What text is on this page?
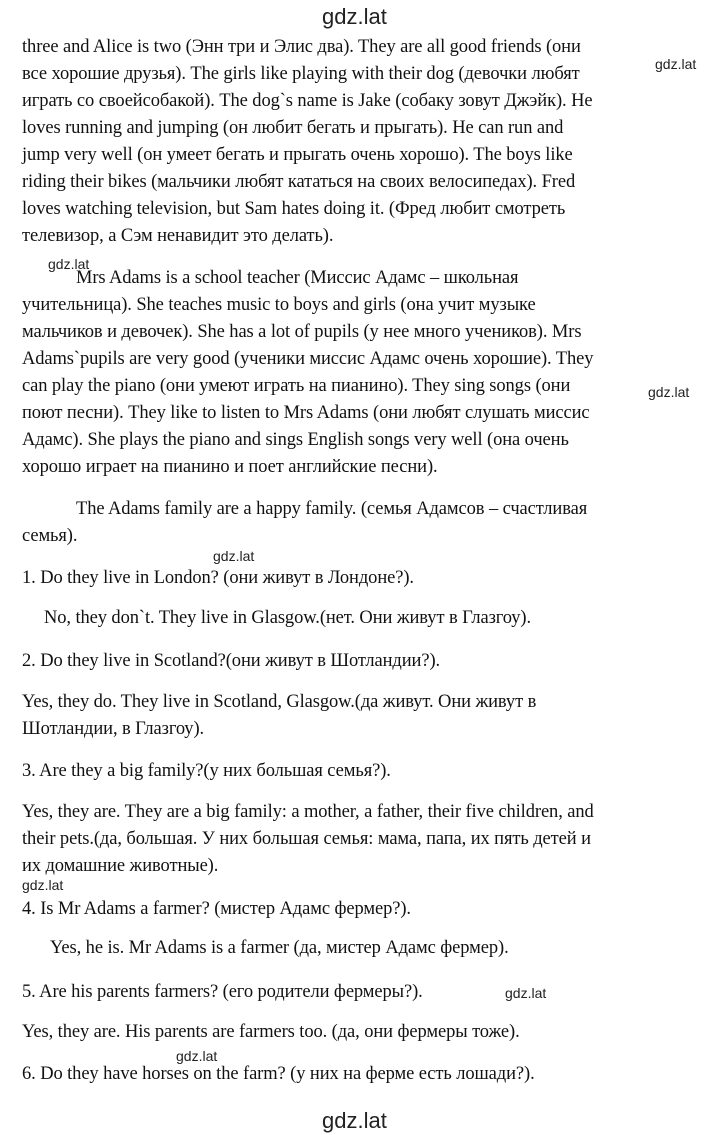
gdz.lat
gdz.lat
gdz.lat
gdz.lat
gdz.lat
gdz.lat
gdz.lat
gdz.lat
gdz.lat
three and Alice is two (Энн три и Элис два). They are all good friends (они
все хорошие друзья). The girls like playing with their dog (девочки любят
играть со своейсобакой). The dog`s name is Jake (собаку зовут Джэйк). He
loves running and jumping (он любит бегать и прыгать). He can run and
jump very well (он умеет бегать и прыгать очень хорошо). The boys like
riding their bikes (мальчики любят кататься на своих велосипедах). Fred
loves watching television, but Sam hates doing it. (Фред любит смотреть
телевизор, а Сэм ненавидит это делать).
Mrs Adams is a school teacher (Миссис Адамс – школьная
учительница). She teaches music to boys and girls (она учит музыке
мальчиков и девочек). She has a lot of pupils (у нее много учеников). Mrs
Adams`pupils are very good (ученики миссис Адамс очень хорошие). They
can play the piano (они умеют играть на пианино). They sing songs (они
поют песни). They like to listen to Mrs Adams (они любят слушать миссис
Адамс). She plays the piano and sings English songs very well (она очень
хорошо играет на пианино и поет английские песни).
The Adams family are a happy family. (семья Адамсов – счастливая
семья).
1. Do they live in London? (они живут в Лондоне?).
No, they don`t. They live in Glasgow.(нет. Они живут в Глазгоу).
2. Do they live in Scotland?(они живут в Шотландии?).
Yes, they do. They live in Scotland, Glasgow.(да живут. Они живут в
Шотландии, в Глазгоу).
3. Are they a big family?(у них большая семья?).
Yes, they are. They are a big family: a mother, a father, their five children, and
their pets.(да, большая. У них большая семья: мама, папа, их пять детей и
их домашние животные).
4. Is Mr Adams a farmer? (мистер Адамс фермер?).
Yes, he is. Mr Adams is a farmer (да, мистер Адамс фермер).
5. Are his parents farmers? (его родители фермеры?).
Yes, they are. His parents are farmers too. (да, они фермеры тоже).
6. Do they have horses on the farm? (у них на ферме есть лошади?).
